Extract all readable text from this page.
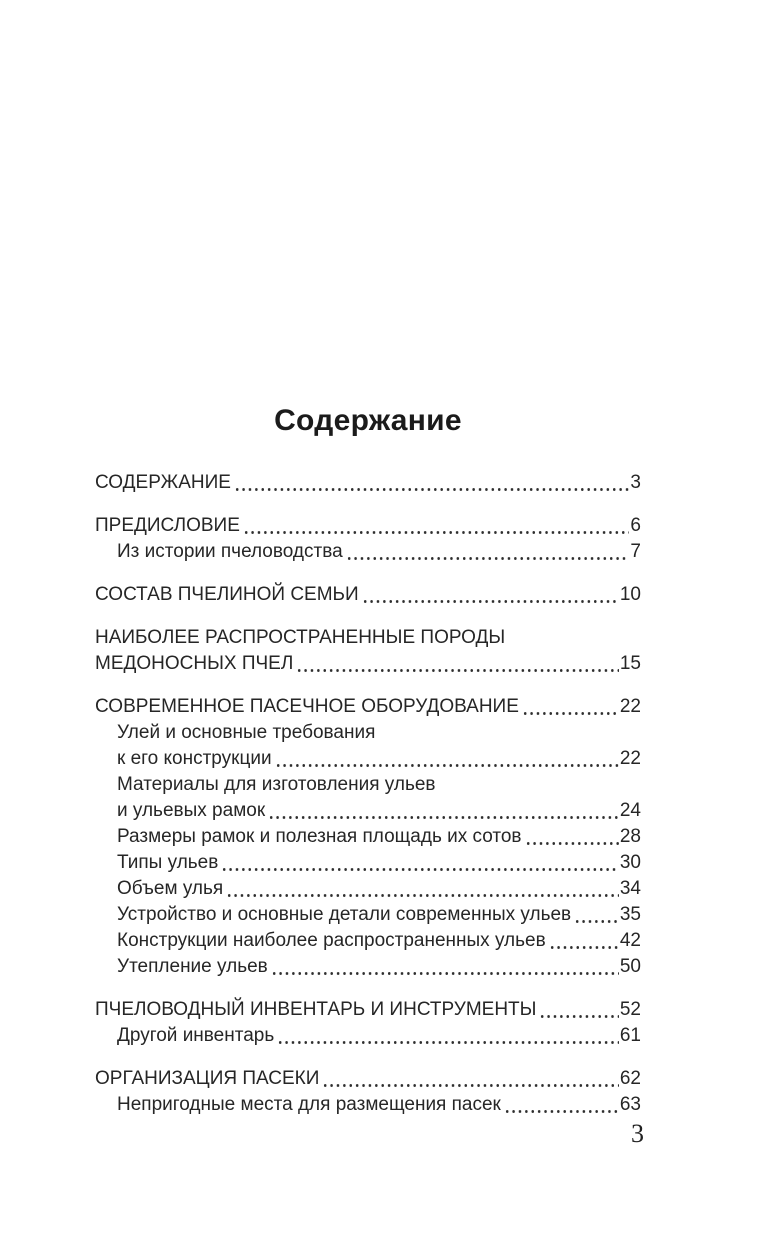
Содержание
СОДЕРЖАНИЕ	3
ПРЕДИСЛОВИЕ	6
Из истории пчеловодства	7
СОСТАВ ПЧЕЛИНОЙ СЕМЬИ	10
НАИБОЛЕЕ РАСПРОСТРАНЕННЫЕ ПОРОДЫ
МЕДОНОСНЫХ ПЧЕЛ	15
СОВРЕМЕННОЕ ПАСЕЧНОЕ ОБОРУДОВАНИЕ	22
Улей и основные требования
к его конструкции	22
Материалы для изготовления ульев
и ульевых рамок	24
Размеры рамок и полезная площадь их сотов	28
Типы ульев	30
Объем улья	34
Устройство и основные детали современных ульев	35
Конструкции наиболее распространенных ульев	42
Утепление ульев	50
ПЧЕЛОВОДНЫЙ ИНВЕНТАРЬ И ИНСТРУМЕНТЫ	52
Другой инвентарь	61
ОРГАНИЗАЦИЯ ПАСЕКИ	62
Непригодные места для размещения пасек	63
3
